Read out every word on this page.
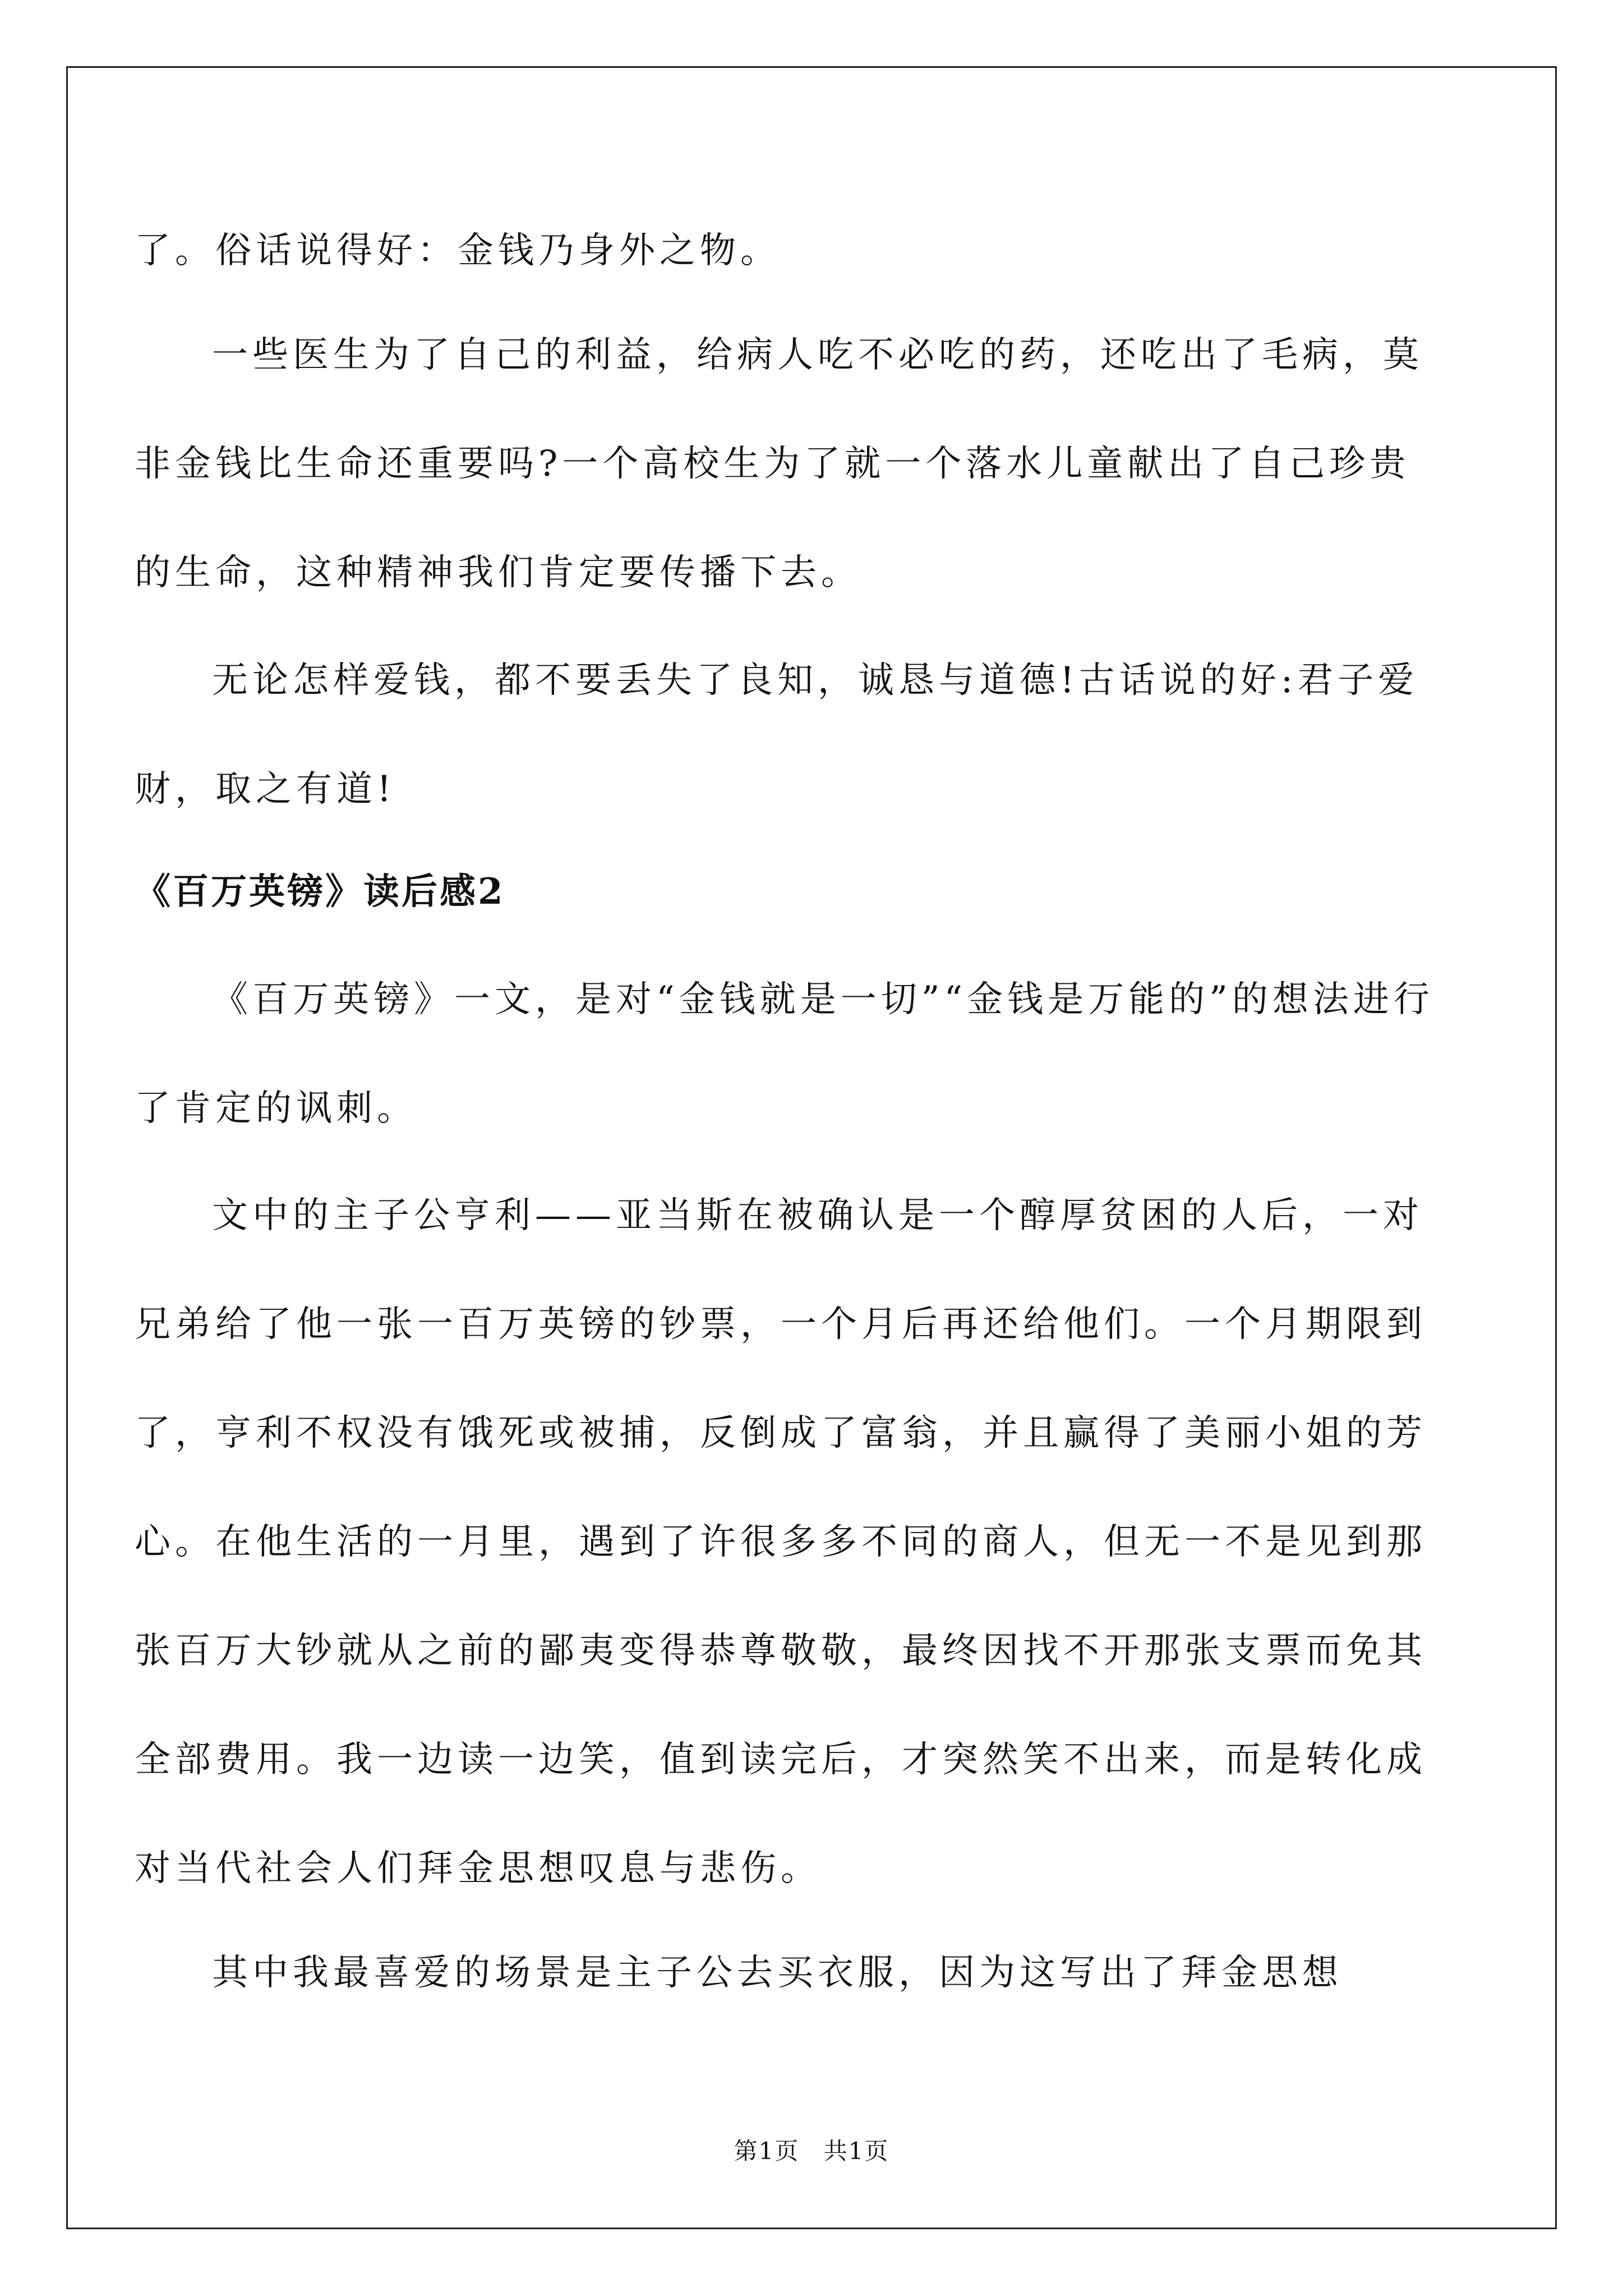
了。俗话说得好：金钱乃身外之物。

一些医生为了自己的利益，给病人吃不必吃的药，还吃出了毛病，莫非金钱比生命还重要吗?一个高校生为了就一个落水儿童献出了自己珍贵的生命，这种精神我们肯定要传播下去。

无论怎样爱钱，都不要丢失了良知，诚恳与道德!古话说的好:君子爱财，取之有道!

《百万英镑》读后感2

《百万英镑》一文，是对“金钱就是一切”“金钱是万能的”的想法进行了肯定的讽刺。

文中的主子公亨利——亚当斯在被确认是一个醇厚贫困的人后，一对兄弟给了他一张一百万英镑的钞票，一个月后再还给他们。一个月期限到了，亨利不权没有饿死或被捕，反倒成了富翁，并且赢得了美丽小姐的芳心。在他生活的一月里，遇到了许很多多不同的商人，但无一不是见到那张百万大钞就从之前的鄙夷变得恭尊敬敬，最终因找不开那张支票而免其全部费用。我一边读一边笑，值到读完后，才突然笑不出来，而是转化成对当代社会人们拜金思想叹息与悲伤。

其中我最喜爱的场景是主子公去买衣服，因为这写出了拜金思想

第1页 共1页
